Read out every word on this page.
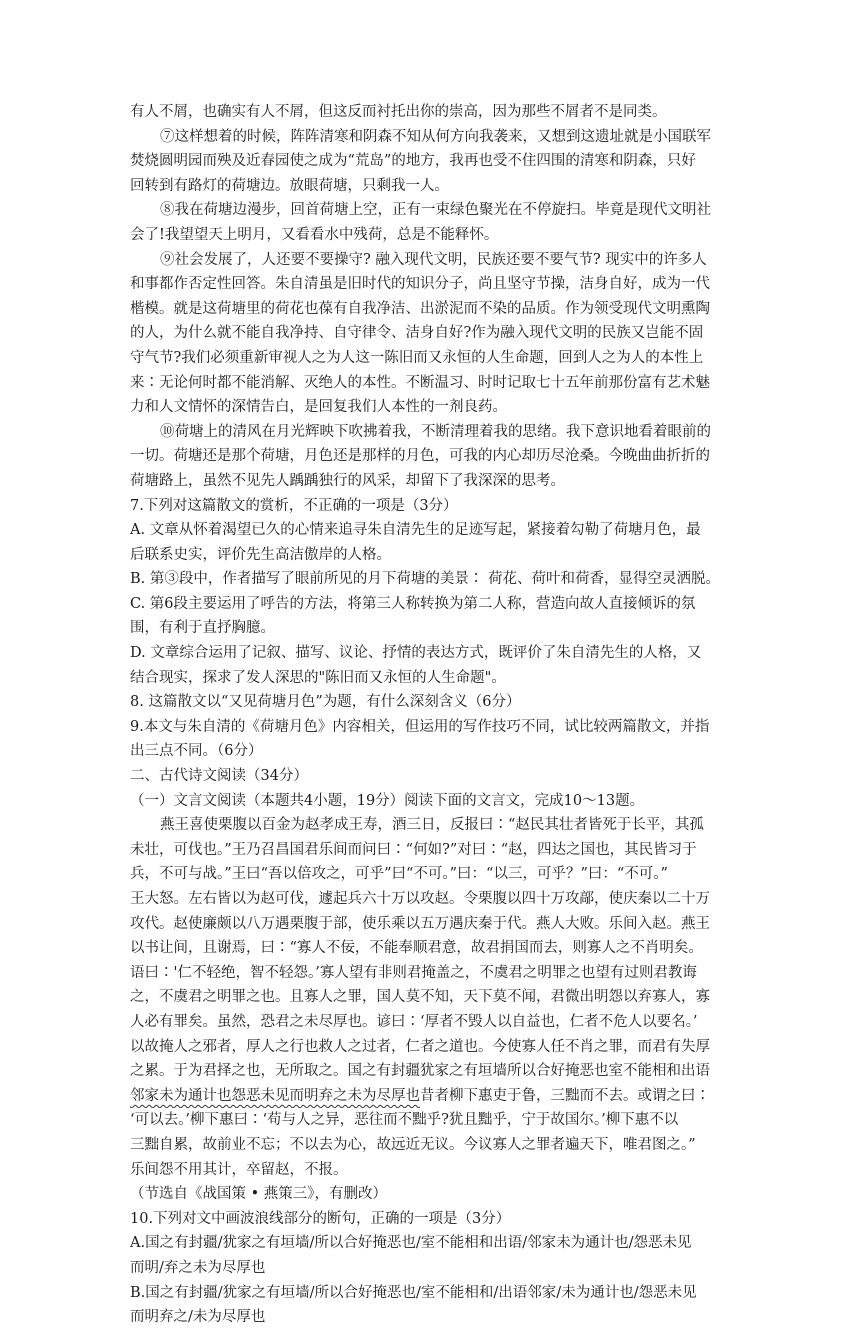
有人不屑，也确实有人不屑，但这反而衬托出你的崇高，因为那些不屑者不是同类。
⑦这样想着的时候，阵阵清寒和阴森不知从何方向我袭来，又想到这遗址就是小国联军
焚烧圆明园而殃及近春园使之成为“荒岛”的地方，我再也受不住四围的清寒和阴森，只好
回转到有路灯的荷塘边。放眼荷塘，只剩我一人。
⑧我在荷塘边漫步，回首荷塘上空，正有一束绿色聚光在不停旋扫。毕竟是现代文明社
会了!我望望天上明月，又看看水中残荷，总是不能释怀。
⑨社会发展了，人还要不要操守? 融入现代文明，民族还要不要气节? 现实中的许多人
和事都作否定性回答。朱自清虽是旧时代的知识分子，尚且坚守节操，洁身自好，成为一代
楷模。就是这荷塘里的荷花也葆有自我净洁、出淤泥而不染的品质。作为领受现代文明熏陶
的人，为什么就不能自我净持、自守律令、洁身自好?作为融入现代文明的民族又岂能不固
守气节?我们必须重新审视人之为人这一陈旧而又永恒的人生命题，回到人之为人的本性上
来∶无论何时都不能消解、灭绝人的本性。不断温习、时时记取七十五年前那份富有艺术魅
力和人文情怀的深情告白，是回复我们人本性的一剂良药。
⑩荷塘上的清风在月光辉映下吹拂着我，不断清理着我的思绪。我下意识地看着眼前的
一切。荷塘还是那个荷塘，月色还是那样的月色，可我的内心却历尽沧桑。今晚曲曲折折的
荷塘路上，虽然不见先人踽踽独行的风采，却留下了我深深的思考。
7.下列对这篇散文的赏析，不正确的一项是（3分）
A. 文章从怀着渴望已久的心情来追寻朱自清先生的足迹写起，紧接着勾勒了荷塘月色，最
后联系史实，评价先生高洁傲岸的人格。
B. 第③段中，作者描写了眼前所见的月下荷塘的美景∶ 荷花、荷叶和荷香，显得空灵洒脱。
C. 第6段主要运用了呼告的方法，将第三人称转换为第二人称，营造向故人直接倾诉的氛
围，有利于直抒胸臆。
D. 文章综合运用了记叙、描写、议论、抒情的表达方式，既评价了朱自清先生的人格，又
结合现实，探求了发人深思的"陈旧而又永恒的人生命题"。
8. 这篇散文以“又见荷塘月色”为题，有什么深刻含义（6分）
9.本文与朱自清的《荷塘月色》内容相关，但运用的写作技巧不同，试比较两篇散文，并指
出三点不同。（6分）
二、古代诗文阅读（34分）
（一）文言文阅读（本题共4小题，19分）阅读下面的文言文，完成10～13题。
燕王喜使栗腹以百金为赵孝成王寿，酒三日，反报曰∶“赵民其壮者皆死于长平，其孤
未壮，可伐也。”王乃召昌国君乐间而问曰∶“何如?”对曰∶“赵，四达之国也，其民皆习于
兵，不可与战。”王曰“吾以倍攻之，可乎”曰“不可。”曰：“以三，可乎？”曰：“不可。”
王大怒。左右皆以为赵可伐，遽起兵六十万以攻赵。令栗腹以四十万攻鄗，使庆秦以二十万
攻代。赵使廉颇以八万遇栗腹于部，使乐乘以五万遇庆秦于代。燕人大败。乐间入赵。燕王
以书让间，且谢焉，曰∶“寡人不佞，不能奉顺君意，故君捐国而去，则寡人之不肖明矣。
语曰∶'仁不轻绝，智不轻怨。’寡人望有非则君掩盖之，不虞君之明罪之也望有过则君教诲
之，不虞君之明罪之也。且寡人之罪，国人莫不知，天下莫不闻，君微出明怨以弃寡人，寡
人必有罪矣。虽然，恐君之未尽厚也。谚曰∶‘厚者不毁人以自益也，仁者不危人以要名。’
以故掩人之邪者，厚人之行也救人之过者，仁者之道也。今使寡人任不肖之罪，而君有失厚
之累。于为君择之也，无所取之。国之有封疆犹家之有垣墙所以合好掩恶也室不能相和出语
邻家未为通计也怨恶未见而明弃之未为尽厚也昔者柳下惠吏于鲁，三黜而不去。或谓之曰∶
‘可以去。’柳下惠曰∶‘苟与人之异，恶往而不黜乎?犹且黜乎，宁于故国尔。’柳下惠不以
三黜自累，故前业不忘；不以去为心，故远近无议。今议寡人之罪者遍天下，唯君图之。”
乐间怨不用其计，卒留赵，不报。
（节选自《战国策 • 燕策三》，有删改）
10.下列对文中画波浪线部分的断句，正确的一项是（3分）
A.国之有封疆/犹家之有垣墙/所以合好掩恶也/室不能相和出语/邻家未为通计也/怨恶未见
而明/弃之未为尽厚也
B.国之有封疆/犹家之有垣墙/所以合好掩恶也/室不能相和/出语邻家/未为通计也/怨恶未见
而明弃之/未为尽厚也
